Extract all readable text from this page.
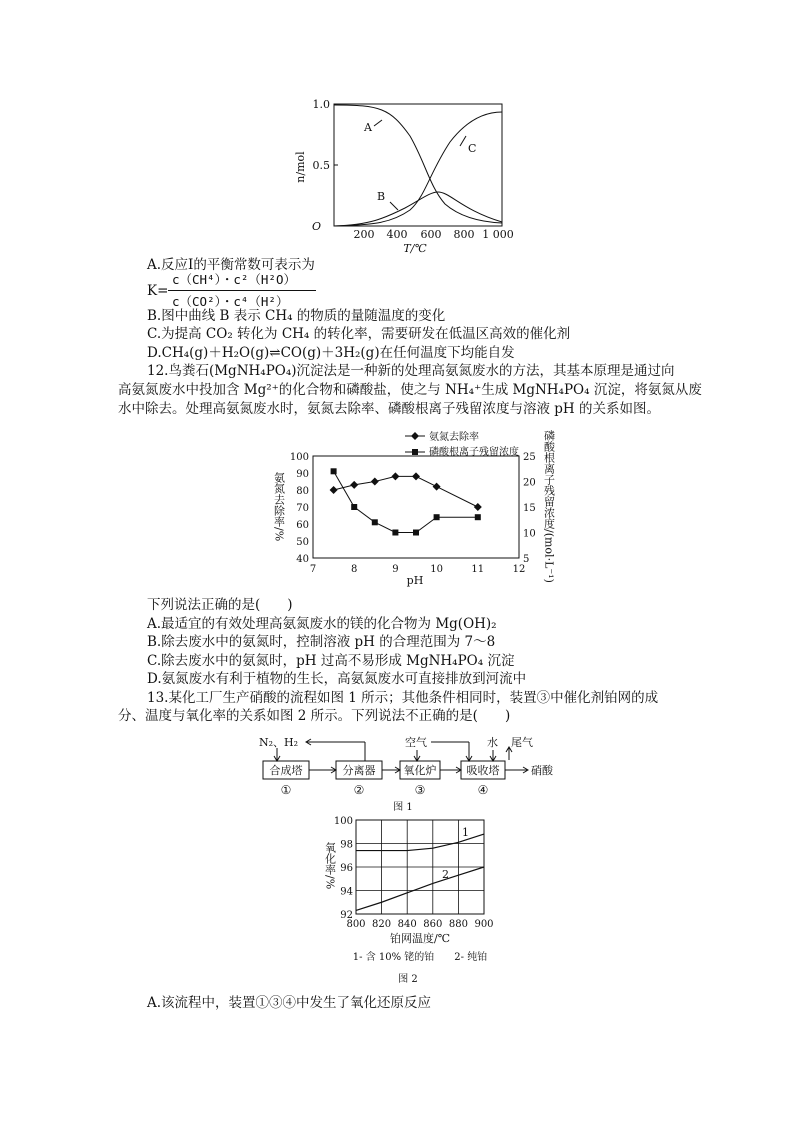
1.0
0.5
O
n/mol
200 400 600 800 1 000
T/℃
A
B
C
A.反应Ⅰ的平衡常数可表示为
K=
c（CH⁴）・c²（H²O）
c（CO²）・c⁴（H²）
B.图中曲线 B 表示 CH₄ 的物质的量随温度的变化
C.为提高 CO₂ 转化为 CH₄ 的转化率，需要研发在低温区高效的催化剂
D.CH₄(g)＋H₂O(g)⇌CO(g)＋3H₂(g)在任何温度下均能自发
12.鸟粪石(MgNH₄PO₄)沉淀法是一种新的处理高氨氮废水的方法，其基本原理是通过向
高氨氮废水中投加含 Mg²⁺的化合物和磷酸盐，使之与 NH₄⁺生成 MgNH₄PO₄ 沉淀，将氨氮从废
水中除去。处理高氨氮废水时，氨氮去除率、磷酸根离子残留浓度与溶液 pH 的关系如图。
氨氮去除率
磷酸根离子残留浓度
100
90
80
70
60
50
40
25
20
15
10
5
7	8	9	10	11	12
pH
氨氮去除率/%	磷酸根离子残留浓度/(mol·L⁻¹)
下列说法正确的是(　　)
A.最适宜的有效处理高氨氮废水的镁的化合物为 Mg(OH)₂
B.除去废水中的氨氮时，控制溶液 pH 的合理范围为 7～8
C.除去废水中的氨氮时，pH 过高不易形成 MgNH₄PO₄ 沉淀
D.氨氮废水有利于植物的生长，高氨氮废水可直接排放到河流中
13.某化工厂生产硝酸的流程如图 1 所示；其他条件相同时，装置③中催化剂铂网的成
分、温度与氧化率的关系如图 2 所示。下列说法不正确的是(　　)
N₂、H₂
合成塔	分离器
空气
氧化炉
水 尾气
吸收塔	硝酸
①	②	③	④
图 1
100
98
96
94
92
800 820 840 860 880 900
氧化率/%
铂网温度/℃
1- 含 10% 铑的铂　　2- 纯铂
图 2
1
2
A.该流程中，装置①③④中发生了氧化还原反应
